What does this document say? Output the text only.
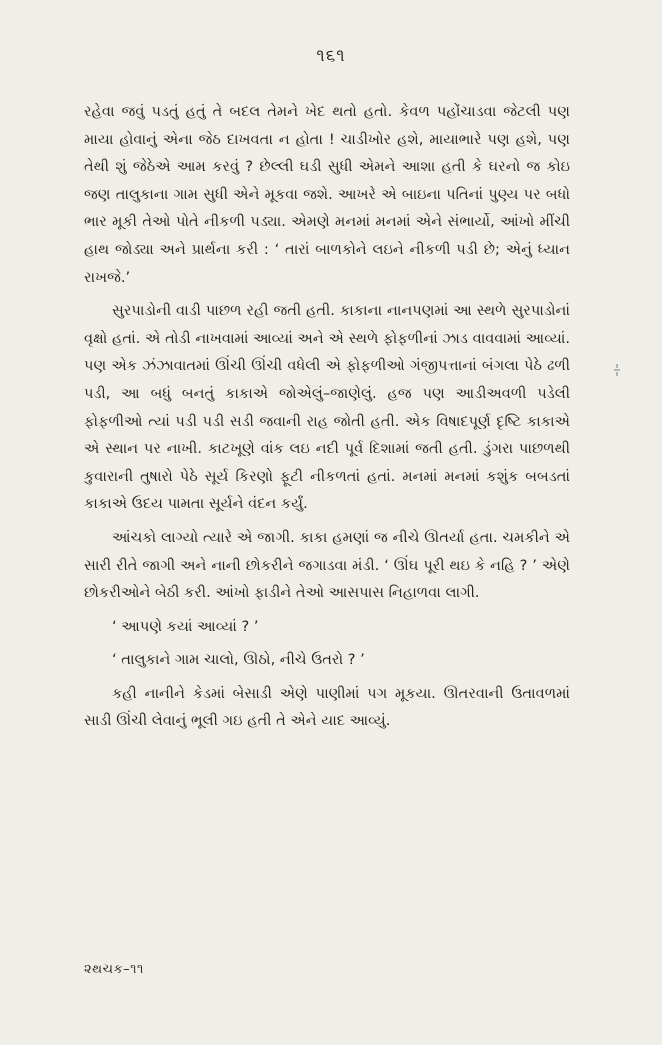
૧૬૧

રહેવા જવું પડતું હતું તે બદલ તેમને ખેદ થતો હતો. કેવળ પહોંચાડવા જેટલી પણ માયા હોવાનું એના જેઠ દાખવતા ન હોતા ! ચાડીખોર હશે, માયાભારે પણ હશે, પણ તેથી શું જેઠેએ આમ કરવું ? છેલ્લી ઘડી સુધી એમને આશા હતી કે ઘરનો જ કોઇ જણ તાલુકાના ગામ સુધી એને મૂકવા જશે. આખરે એ બાઇના પતિનાં પુણ્ય પર બધો ભાર મૂકી તેઓ પોતે નીકળી પડ્યા. એમણે મનમાં મનમાં એને સંભાર્યો, આંખો મીંચી હાથ જોડ્યા અને પ્રાર્થના કરી : ‘ તારાં બાળકોને લઇને નીકળી પડી છે; એનું ધ્યાન રાખજે.’

સુરપાડોની વાડી પાછળ રહી જતી હતી. કાકાના નાનપણમાં આ સ્થળે સુરપાડોનાં વૃક્ષો હતાં. એ તોડી નાખવામાં આવ્યાં અને એ સ્થળે ફોફળીનાં ઝાડ વાવવામાં આવ્યાં. પણ એક ઝંઝાવાતમાં ઊંચી ઊંચી વધેલી એ ફોફળીઓ ગંજીપત્તાનાં બંગલા પેઠે ઢળી પડી, આ બધું બનતું કાકાએ જોએલું–જાણેલું. હજ પણ આડીઅવળી પડેલી ફોફળીઓ ત્યાં પડી પડી સડી જવાની રાહ જોતી હતી. એક વિષાદપૂર્ણ દૃષ્ટિ કાકાએ એ સ્થાન પર નાખી. કાટખૂણે વાંક લઇ નદી પૂર્વ દિશામાં જતી હતી. ડુંગરા પાછળથી કુવારાની તુષારો પેઠે સૂર્ય કિરણો ફૂટી નીકળતાં હતાં. મનમાં મનમાં કશુંક બબડતાં કાકાએ ઉદય પામતા સૂર્યને વંદન કર્યું.

આંચકો લાગ્યો ત્યારે એ જાગી. કાકા હમણાં જ નીચે ઊતર્યા હતા. ચમકીને એ સારી રીતે જાગી અને નાની છોકરીને જગાડવા મંડી. ‘ ઊંઘ પૂરી થઇ કે નહિ ? ’ એણે છોકરીઓને બેઠી કરી. આંખો ફાડીને તેઓ આસપાસ નિહાળવા લાગી.

‘ આપણે કયાં આવ્યાં ? ’

‘ તાલુકાને ગામ ચાલો, ઊઠો, નીચે ઉતરો ? ’

કહી નાનીને કેડમાં બેસાડી એણે પાણીમાં પગ મૂકયા. ઊતરવાની ઉતાવળમાં સાડી ઊંચી લેવાનું ભૂલી ગઇ હતી તે એને યાદ આવ્યું.

૨થચક–૧૧
